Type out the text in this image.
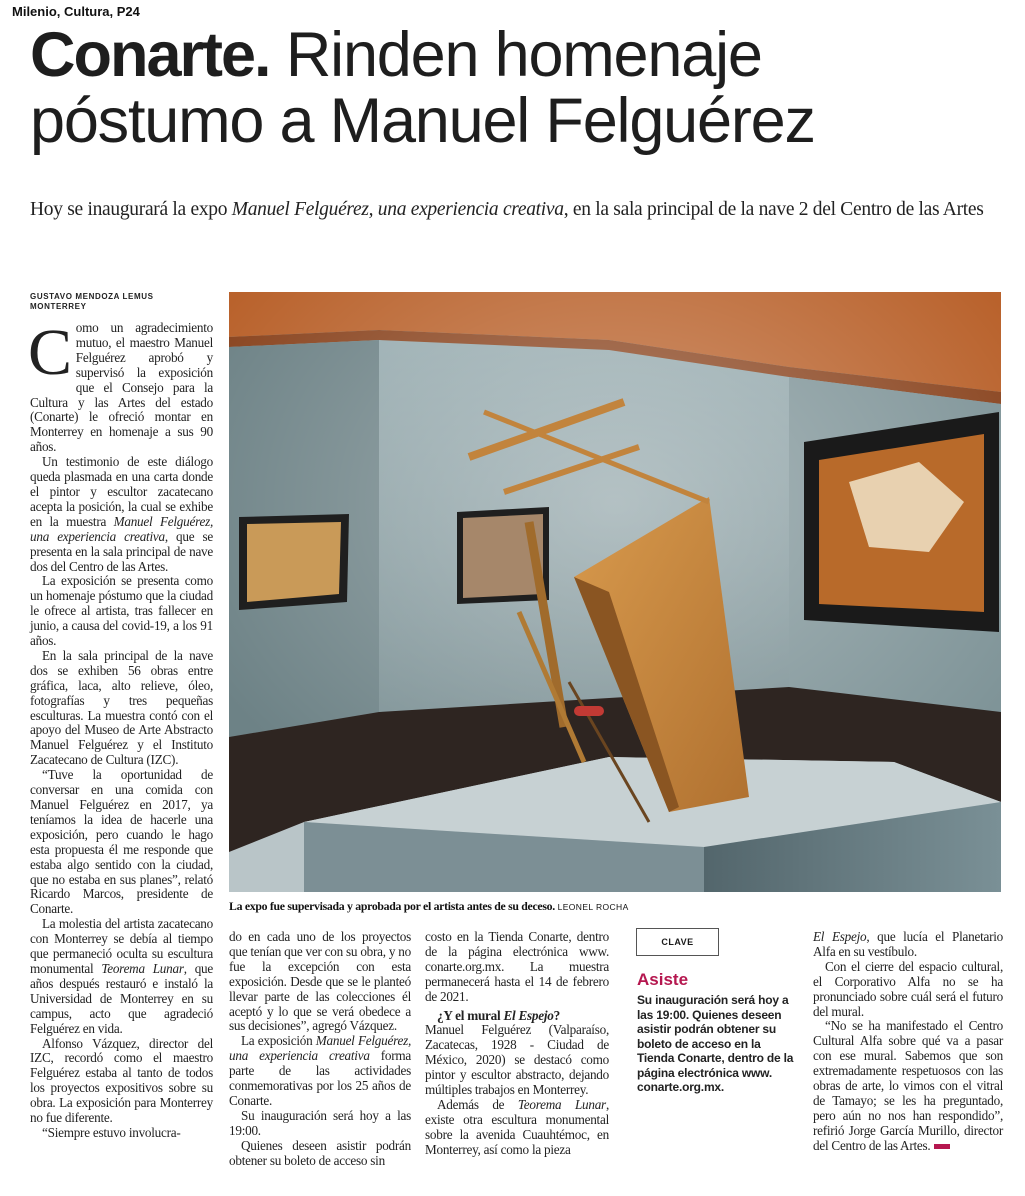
Milenio, Cultura, P24
Conarte. Rinden homenaje
póstumo a Manuel Felguérez
Hoy se inaugurará la expo Manuel Felguérez, una experiencia creativa, en la sala principal de la nave 2 del Centro de las Artes
GUSTAVO MENDOZA LEMUS
MONTERREY

Como un agradecimiento mutuo, el maestro Manuel Felguérez aprobó y supervisó la exposición que el Consejo para la Cultura y las Artes del estado (Conarte) le ofreció montar en Monterrey en homenaje a sus 90 años.

Un testimonio de este diálogo queda plasmada en una carta donde el pintor y escultor zacatecano acepta la posición, la cual se exhibe en la muestra Manuel Felguérez, una experiencia creativa, que se presenta en la sala principal de nave dos del Centro de las Artes.

La exposición se presenta como un homenaje póstumo que la ciudad le ofrece al artista, tras fallecer en junio, a causa del covid-19, a los 91 años.

En la sala principal de la nave dos se exhiben 56 obras entre gráfica, laca, alto relieve, óleo, fotografías y tres pequeñas esculturas. La muestra contó con el apoyo del Museo de Arte Abstracto Manuel Felguérez y el Instituto Zacatecano de Cultura (IZC).

“Tuve la oportunidad de conversar en una comida con Manuel Felguérez en 2017, ya teníamos la idea de hacerle una exposición, pero cuando le hago esta propuesta él me responde que estaba algo sentido con la ciudad, que no estaba en sus planes”, relató Ricardo Marcos, presidente de Conarte.

La molestia del artista zacatecano con Monterrey se debía al tiempo que permaneció oculta su escultura monumental Teorema Lunar, que años después restauró e instaló la Universidad de Monterrey en su campus, acto que agradeció Felguérez en vida.

Alfonso Vázquez, director del IZC, recordó como el maestro Felguérez estaba al tanto de todos los proyectos expositivos sobre su obra. La exposición para Monterrey no fue diferente.

“Siempre estuvo involucra-

La expo fue supervisada y aprobada por el artista antes de su deceso. LEONEL ROCHA

do en cada uno de los proyectos que tenían que ver con su obra, y no fue la excepción con esta exposición. Desde que se le planteó llevar parte de las colecciones él aceptó y lo que se verá obedece a sus decisiones”, agregó Vázquez.

La exposición Manuel Felguérez, una experiencia creativa forma parte de las actividades conmemorativas por los 25 años de Conarte.

Su inauguración será hoy a las 19:00.

Quienes deseen asistir podrán obtener su boleto de acceso sin

costo en la Tienda Conarte, dentro de la página electrónica www. conarte.org.mx. La muestra permanecerá hasta el 14 de febrero de 2021.

¿Y el mural El Espejo?

Manuel Felguérez (Valparaíso, Zacatecas, 1928 - Ciudad de México, 2020) se destacó como pintor y escultor abstracto, dejando múltiples trabajos en Monterrey.

Además de Teorema Lunar, existe otra escultura monumental sobre la avenida Cuauhtémoc, en Monterrey, así como la pieza

CLAVE
Asiste
Su inauguración será hoy a las 19:00. Quienes deseen asistir podrán obtener su boleto de acceso en la Tienda Conarte, dentro de la página electrónica www. conarte.org.mx.

El Espejo, que lucía el Planetario Alfa en su vestíbulo.

Con el cierre del espacio cultural, el Corporativo Alfa no se ha pronunciado sobre cuál será el futuro del mural.

“No se ha manifestado el Centro Cultural Alfa sobre qué va a pasar con ese mural. Sabemos que son extremadamente respetuosos con las obras de arte, lo vimos con el vitral de Tamayo; se les ha preguntado, pero aún no nos han respondido”, refirió Jorge García Murillo, director del Centro de las Artes.
